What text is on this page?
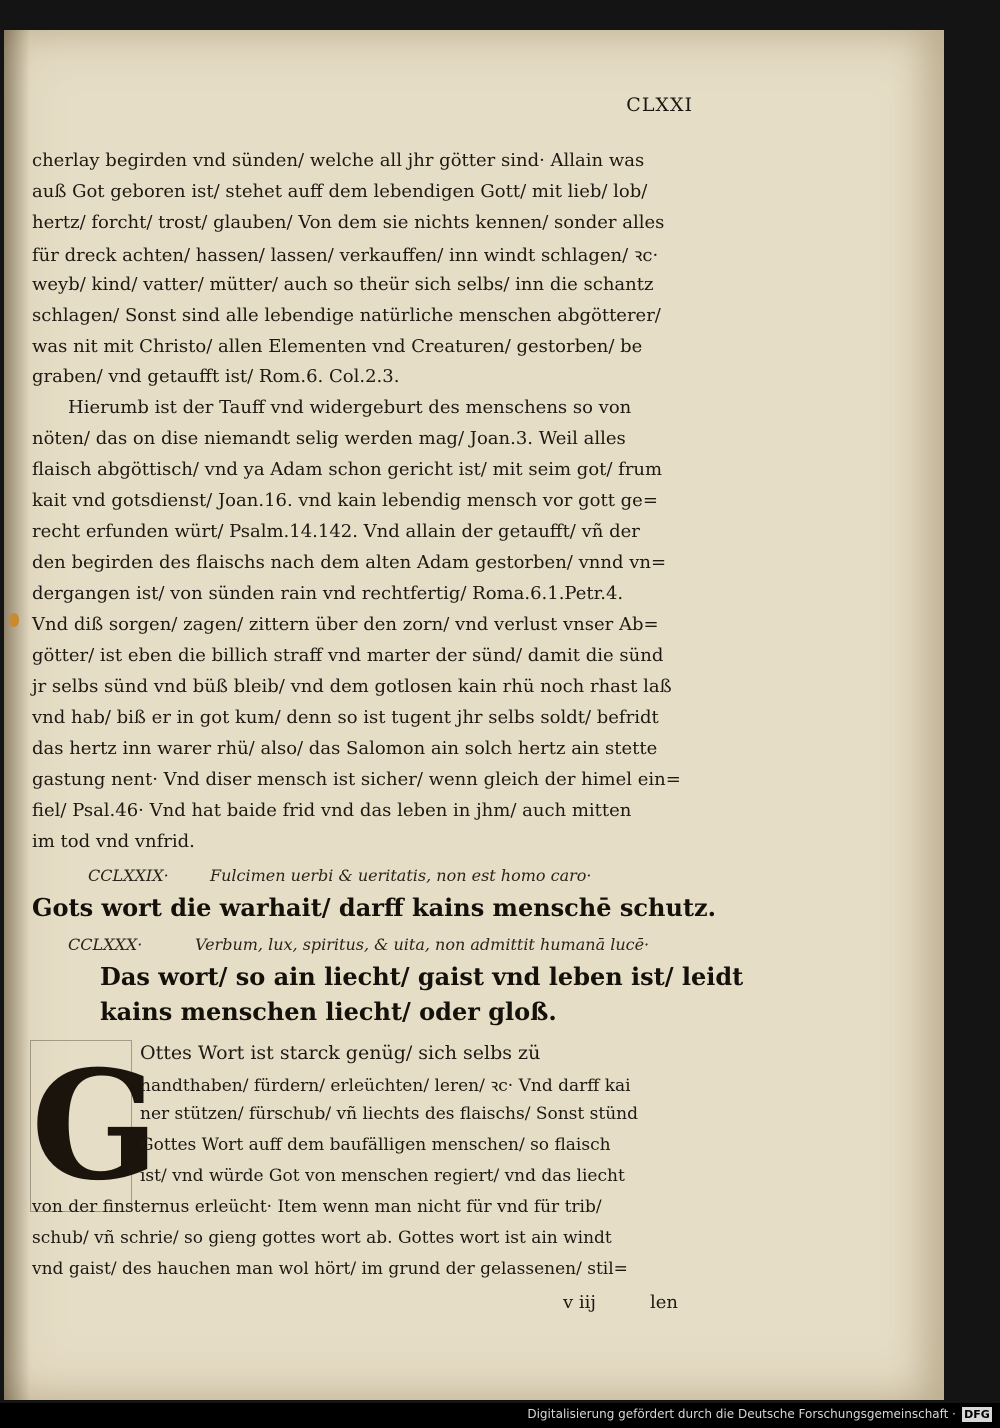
CLXXI
cherlay begirden vnd sünden/ welche all jhr götter sind· Allain was
auß Got geboren ist/ stehet auff dem lebendigen Gott/ mit lieb/ lob/
hertz/ forcht/ trost/ glauben/ Von dem sie nichts kennen/ sonder alles
für dreck achten/ hassen/ lassen/ verkauffen/ inn windt schlagen/ ꝛc·
weyb/ kind/ vatter/ mütter/ auch so theür sich selbs/ inn die schantz
schlagen/ Sonst sind alle lebendige natürliche menschen abgötterer/
was nit mit Christo/ allen Elementen vnd Creaturen/ gestorben/ be
graben/ vnd getaufft ist/ Rom.6. Col.2.3.
Hierumb ist der Tauff vnd widergeburt des menschens so von
nöten/ das on dise niemandt selig werden mag/ Joan.3. Weil alles
flaisch abgöttisch/ vnd ya Adam schon gericht ist/ mit seim got/ frum
kait vnd gotsdienst/ Joan.16. vnd kain lebendig mensch vor gott ge=
recht erfunden würt/ Psalm.14.142. Vnd allain der getaufft/ vñ der
den begirden des flaischs nach dem alten Adam gestorben/ vnnd vn=
dergangen ist/ von sünden rain vnd rechtfertig/ Roma.6.1.Petr.4.
Vnd diß sorgen/ zagen/ zittern über den zorn/ vnd verlust vnser Ab=
götter/ ist eben die billich straff vnd marter der sünd/ damit die sünd
jr selbs sünd vnd büß bleib/ vnd dem gotlosen kain rhü noch rhast laß
vnd hab/ biß er in got kum/ denn so ist tugent jhr selbs soldt/ befridt
das hertz inn warer rhü/ also/ das Salomon ain solch hertz ain stette
gastung nent· Vnd diser mensch ist sicher/ wenn gleich der himel ein=
fiel/ Psal.46· Vnd hat baide frid vnd das leben in jhm/ auch mitten
im tod vnd vnfrid.
CCLXXIX·	Fulcimen uerbi & ueritatis, non est homo caro·
Gots wort die warhait/ darff kains menschē schutz.
CCLXXX·	Verbum, lux, spiritus, & uita, non admittit humanā lucē·
Das wort/ so ain liecht/ gaist vnd leben ist/ leidt
kains menschen liecht/ oder gloß.
G
Ottes Wort ist starck genüg/ sich selbs zü
handthaben/ fürdern/ erleüchten/ leren/ ꝛc· Vnd darff kai
ner stützen/ fürschub/ vñ liechts des flaischs/ Sonst stünd
Gottes Wort auff dem baufälligen menschen/ so flaisch
ist/ vnd würde Got von menschen regiert/ vnd das liecht
von der finsternus erleücht· Item wenn man nicht für vnd für trib/
schub/ vñ schrie/ so gieng gottes wort ab. Gottes wort ist ain windt
vnd gaist/ des hauchen man wol hört/ im grund der gelassenen/ stil=
v iij	len
Digitalisierung gefördert durch die Deutsche Forschungsgemeinschaft · DFG
